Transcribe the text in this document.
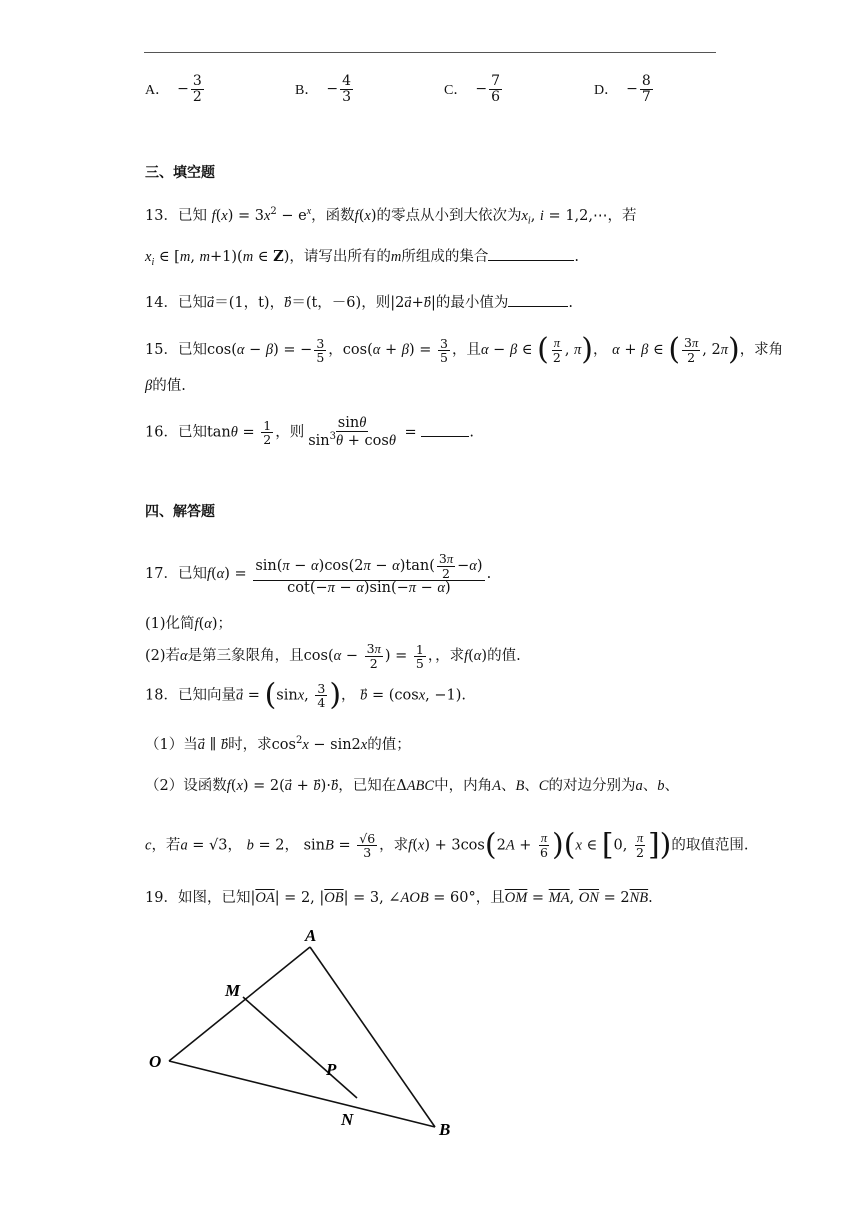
A． − $\frac{3}{2}$	B． − $\frac{4}{3}$	C． − $\frac{7}{6}$	D． − $\frac{8}{7}$
三、填空题
13．已知 $f(x) = 3x^2 - e^x$，函数f(x)的零点从小到大依次为$x_i$, i = 1,2,⋯，若
$x_i$ ∈ [m, m+1)(m ∈ Z)，请写出所有的m所组成的集合	.
14．已知a＝(1，t)，b＝(t，－6)，则|2a⃗+b⃗|的最小值为	.
15．已知cos(α − β) = − $\frac{3}{5}$ ，$\cos(\alpha + \beta) = \frac{3}{5}$ ，且α − β ∈ ( $\frac{\pi}{2}$ , π)， α + β ∈ ( $\frac{3\pi}{2}$ , 2π)，求角
β的值.
16．已知$\tan\theta = \frac{1}{2}$ ，则 $\frac{\sin\theta}{\sin^3\theta + \cos\theta}$ =	.
四、解答题
17．已知$f(\alpha) = \frac{\sin(\pi - \alpha)\cos(2\pi - \alpha)\tan( \frac{3\pi}{2} -\alpha)}{\cot(-\pi - \alpha)\sin(-\pi - \alpha)}$ .
(1)化简f(α)；
(2)若α是第三象限角，且$\cos(\alpha - \frac{3\pi}{2}$ ) = $\frac{1}{5}$ ，，求f(α)的值.
18．已知向量a⃗ = (sinx, $\frac{3}{4}$ )， b⃗ = (cosx, −1).
（1）当a⃗ ∥ b时，求$\cos^2x - \sin 2x$的值；
（2）设函数f(x) = 2(a⃗ + b⃗)·b，已知在ΔABC中，内角A、B、C的对边分别为a、b、
c，若a = √3， b = 2， $\sin B = \frac{√6}{3}$ ，求$f(x) + 3\cos(2A + \frac{\pi}{6} )(x$ ∈ [0, $\frac{\pi}{2}$ ])的取值范围.
19．如图，已知$|\overline{OA}| = 2$, $|\overline{OB}| = 3$, ∠AOB = 60°，且$\overline{OM} = \overline{MA}$, $\overline{ON} = 2\overline{NB}$.
A
M
O	P
N
B
